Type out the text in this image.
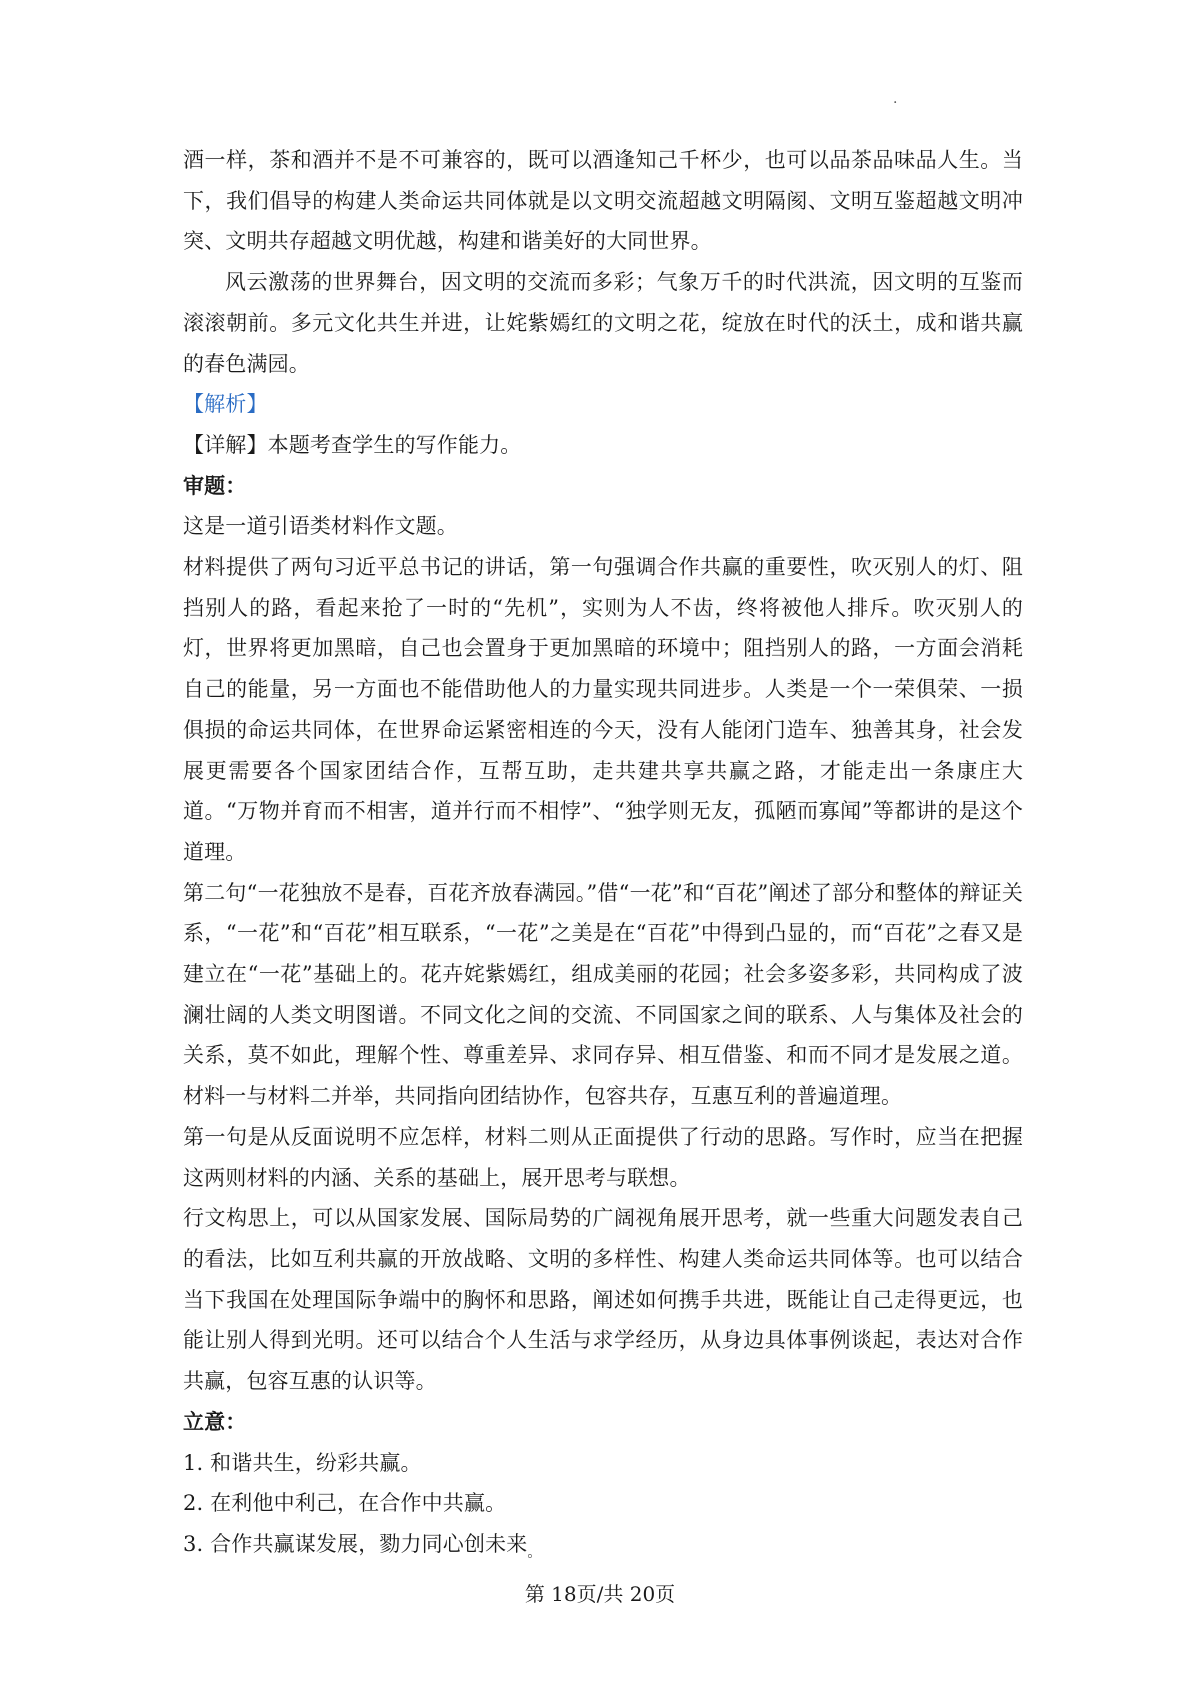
·

酒一样，茶和酒并不是不可兼容的，既可以酒逢知己千杯少，也可以品茶品味品人生。当下，我们倡导的构建人类命运共同体就是以文明交流超越文明隔阂、文明互鉴超越文明冲突、文明共存超越文明优越，构建和谐美好的大同世界。

风云激荡的世界舞台，因文明的交流而多彩；气象万千的时代洪流，因文明的互鉴而滚滚朝前。多元文化共生并进，让姹紫嫣红的文明之花，绽放在时代的沃土，成和谐共赢的春色满园。

【解析】

【详解】本题考查学生的写作能力。

审题：

这是一道引语类材料作文题。

材料提供了两句习近平总书记的讲话，第一句强调合作共赢的重要性，吹灭别人的灯、阻挡别人的路，看起来抢了一时的“先机”，实则为人不齿，终将被他人排斥。吹灭别人的灯，世界将更加黑暗，自己也会置身于更加黑暗的环境中；阻挡别人的路，一方面会消耗自己的能量，另一方面也不能借助他人的力量实现共同进步。人类是一个一荣俱荣、一损俱损的命运共同体，在世界命运紧密相连的今天，没有人能闭门造车、独善其身，社会发展更需要各个国家团结合作，互帮互助，走共建共享共赢之路，才能走出一条康庄大道。“万物并育而不相害，道并行而不相悖”、“独学则无友，孤陋而寡闻”等都讲的是这个道理。

第二句“一花独放不是春，百花齐放春满园。”借“一花”和“百花”阐述了部分和整体的辩证关系，“一花”和“百花”相互联系，“一花”之美是在“百花”中得到凸显的，而“百花”之春又是建立在“一花”基础上的。花卉姹紫嫣红，组成美丽的花园；社会多姿多彩，共同构成了波澜壮阔的人类文明图谱。不同文化之间的交流、不同国家之间的联系、人与集体及社会的关系，莫不如此，理解个性、尊重差异、求同存异、相互借鉴、和而不同才是发展之道。材料一与材料二并举，共同指向团结协作，包容共存，互惠互利的普遍道理。

第一句是从反面说明不应怎样，材料二则从正面提供了行动的思路。写作时，应当在把握这两则材料的内涵、关系的基础上，展开思考与联想。

行文构思上，可以从国家发展、国际局势的广阔视角展开思考，就一些重大问题发表自己的看法，比如互利共赢的开放战略、文明的多样性、构建人类命运共同体等。也可以结合当下我国在处理国际争端中的胸怀和思路，阐述如何携手共进，既能让自己走得更远，也能让别人得到光明。还可以结合个人生活与求学经历，从身边具体事例谈起，表达对合作共赢，包容互惠的认识等。

立意：

1. 和谐共生，纷彩共赢。

2. 在利他中利己，在合作中共赢。

3. 合作共赢谋发展，勠力同心创未来$_。$

第 18页/共 20页
